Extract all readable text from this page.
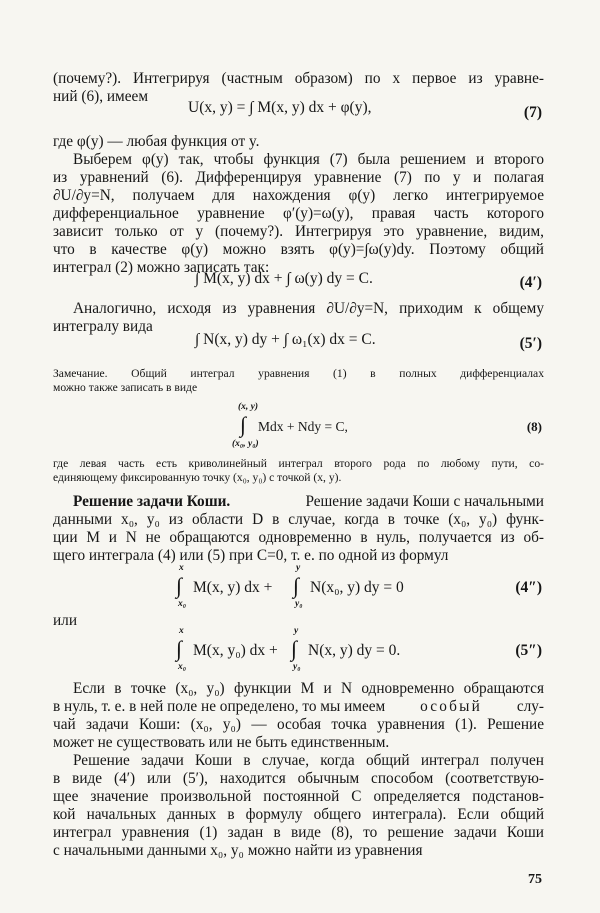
(почему?). Интегрируя (частным образом) по x первое из уравне-
ний (6), имеем
U(x, y) = ∫ M(x, y) dx + φ(y),	(7)
где φ(y) — любая функция от y.
Выберем φ(y) так, чтобы функция (7) была решением и второго
из уравнений (6). Дифференцируя уравнение (7) по y и полагая
∂U/∂y=N, получаем для нахождения φ(y) легко интегрируемое
дифференциальное уравнение φ′(y)=ω(y), правая часть которого
зависит только от y (почему?). Интегрируя это уравнение, видим,
что в качестве φ(y) можно взять φ(y)=∫ω(y)dy. Поэтому общий
интеграл (2) можно записать так:
∫ M(x, y) dx + ∫ ω(y) dy = C.	(4′)
Аналогично, исходя из уравнения ∂U/∂y=N, приходим к общему
интегралу вида
∫ N(x, y) dy + ∫ ω₁(x) dx = C.	(5′)
Замечание. Общий интеграл уравнения (1) в полных дифференциалах
можно также записать в виде
(x, y)
∫ Mdx + Ndy = C,
(x₀, y₀)
(8)
где левая часть есть криволинейный интеграл второго рода по любому пути, со-
единяющему фиксированную точку (x₀, y₀) с точкой (x, y).
Решение задачи Коши.	Решение задачи Коши с начальными
данными x₀, y₀ из области D в случае, когда в точке (x₀, y₀) функ-
ции M и N не обращаются одновременно в нуль, получается из об-
щего интеграла (4) или (5) при C=0, т. е. по одной из формул
x
∫ M(x, y) dx +
x₀
y
∫ N(x₀, y) dy = 0
y₀
(4″)
или
x
∫ M(x, y₀) dx +
x₀
y
∫ N(x, y) dy = 0.
y₀
(5″)
Если в точке (x₀, y₀) функции M и N одновременно обращаются
в нуль, т. е. в ней поле не определено, то мы имеем особый слу-
чай задачи Коши: (x₀, y₀) — особая точка уравнения (1). Решение
может не существовать или не быть единственным.
Решение задачи Коши в случае, когда общий интеграл получен
в виде (4′) или (5′), находится обычным способом (соответствую-
щее значение произвольной постоянной C определяется подстанов-
кой начальных данных в формулу общего интеграла). Если общий
интеграл уравнения (1) задан в виде (8), то решение задачи Коши
с начальными данными x₀, y₀ можно найти из уравнения
75
